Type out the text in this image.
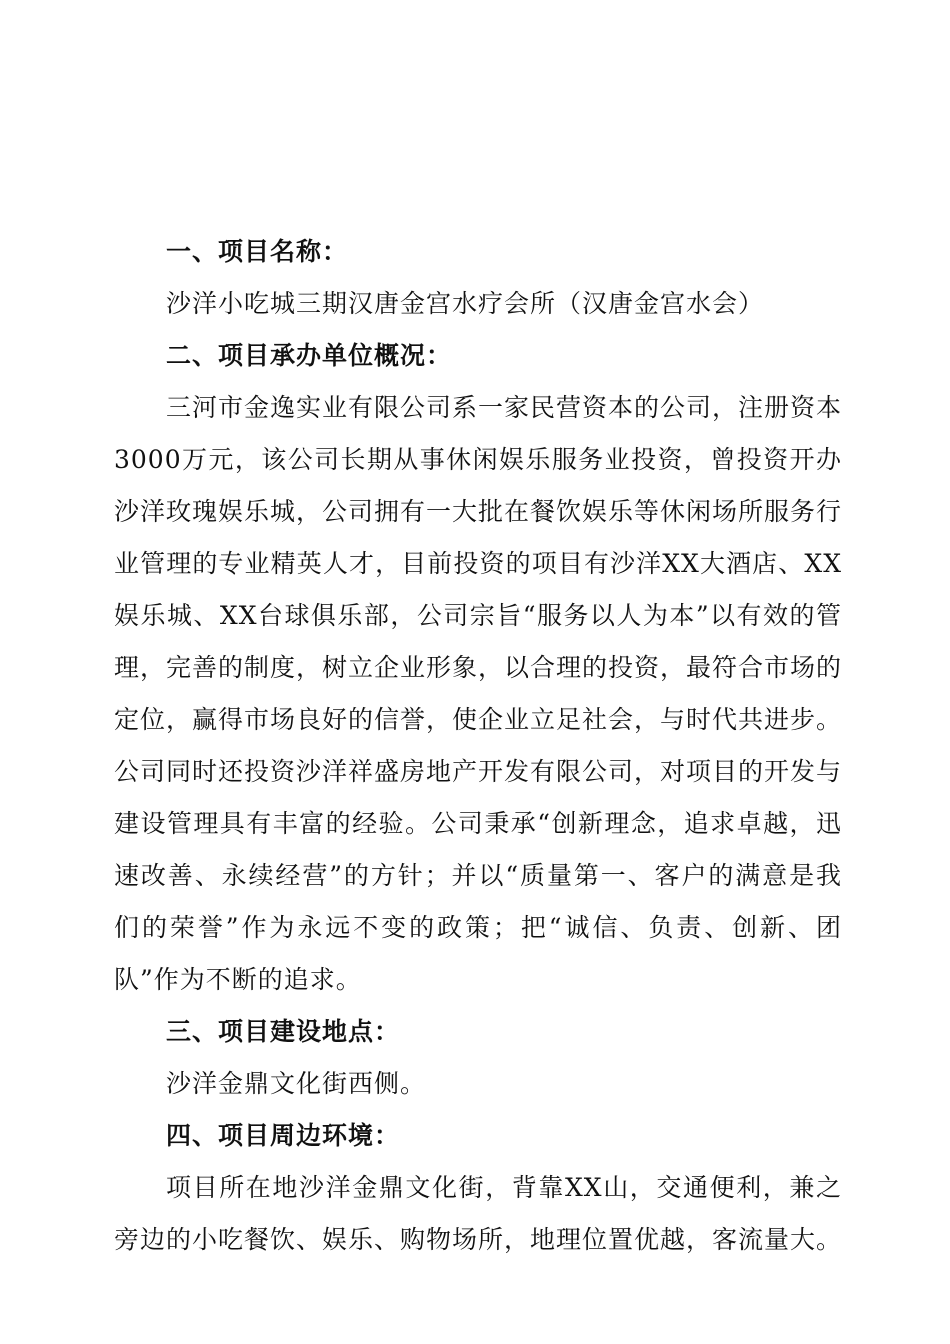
一、项目名称：

沙洋小吃城三期汉唐金宫水疗会所（汉唐金宫水会）

二、项目承办单位概况：

三河市金逸实业有限公司系一家民营资本的公司，注册资本3000万元，该公司长期从事休闲娱乐服务业投资，曾投资开办沙洋玫瑰娱乐城，公司拥有一大批在餐饮娱乐等休闲场所服务行业管理的专业精英人才，目前投资的项目有沙洋XX大酒店、XX娱乐城、XX台球俱乐部，公司宗旨“服务以人为本”以有效的管理，完善的制度，树立企业形象，以合理的投资，最符合市场的定位，赢得市场良好的信誉，使企业立足社会，与时代共进步。公司同时还投资沙洋祥盛房地产开发有限公司，对项目的开发与建设管理具有丰富的经验。公司秉承“创新理念，追求卓越，迅速改善、永续经营”的方针；并以“质量第一、客户的满意是我们的荣誉”作为永远不变的政策；把“诚信、负责、创新、团队”作为不断的追求。

三、项目建设地点：

沙洋金鼎文化街西侧。

四、项目周边环境：

项目所在地沙洋金鼎文化街，背靠XX山，交通便利，兼之旁边的小吃餐饮、娱乐、购物场所，地理位置优越，客流量大。
